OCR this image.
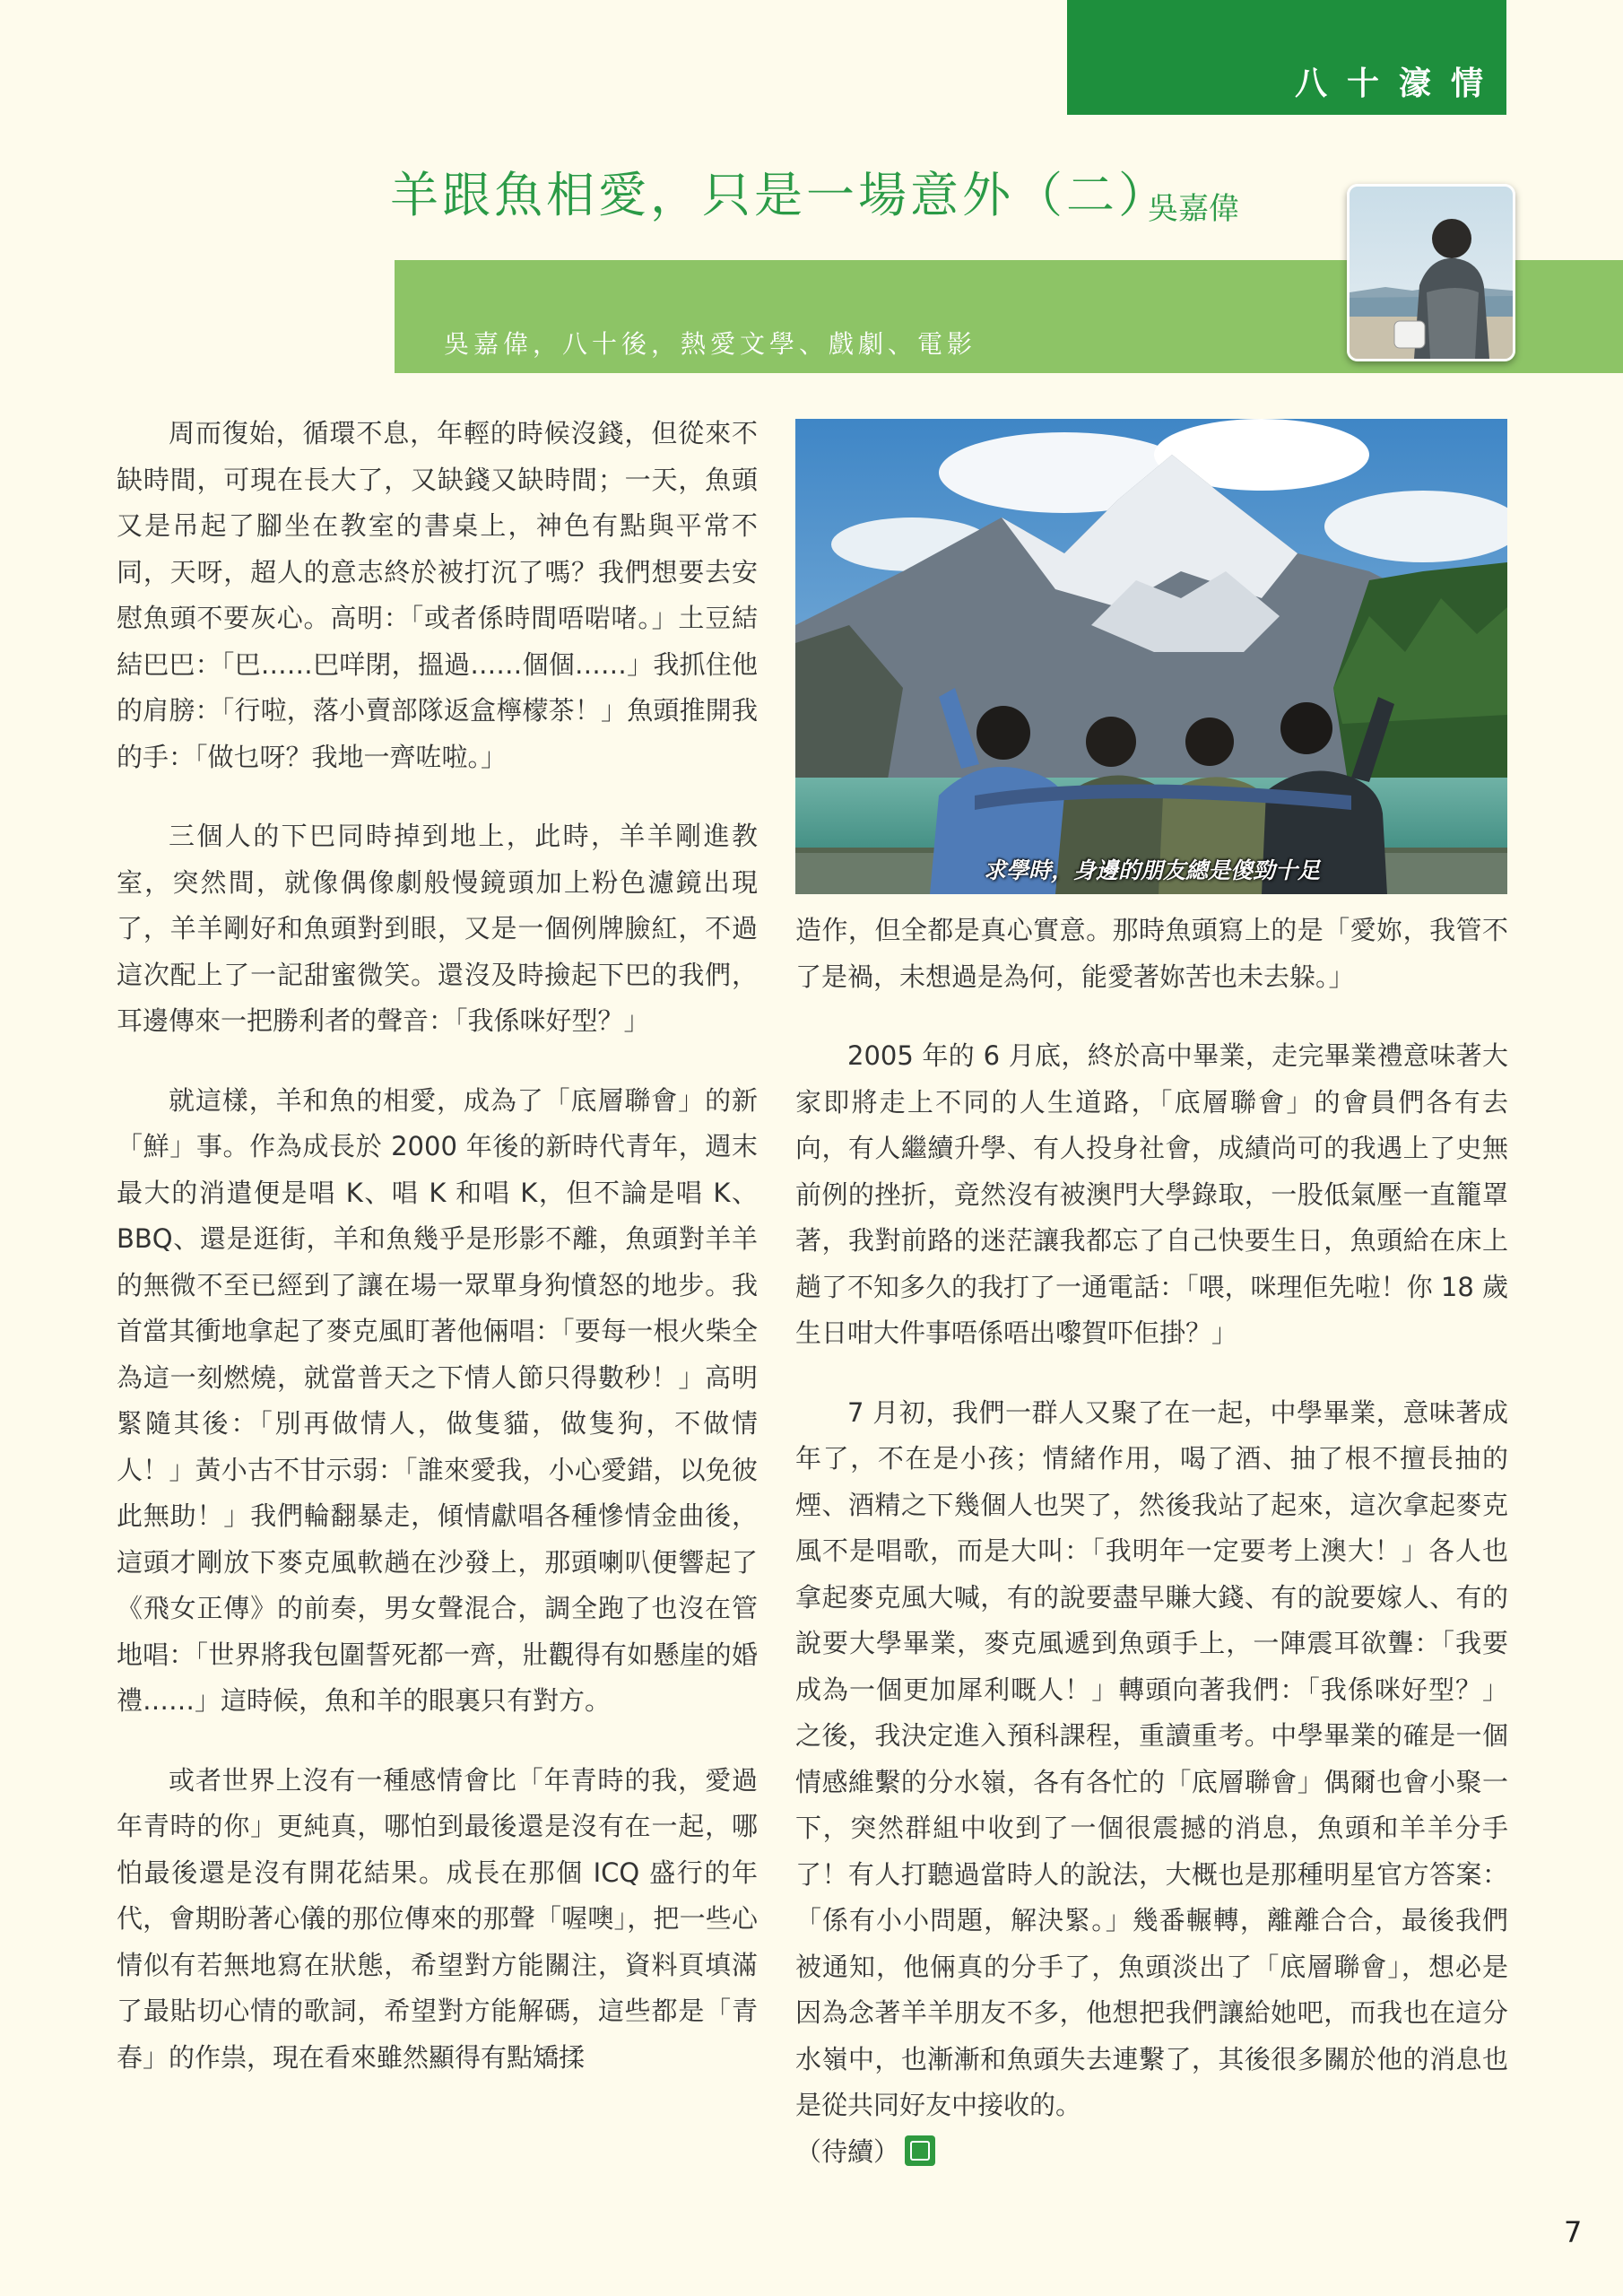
八十濠情
羊跟魚相愛，只是一場意外（二）
吳嘉偉
吳嘉偉，八十後，熱愛文學、戲劇、電影
求學時，身邊的朋友總是傻勁十足

周而復始，循環不息，年輕的時候沒錢，但從來不缺時間，可現在長大了，又缺錢又缺時間；一天，魚頭又是吊起了腳坐在教室的書桌上，神色有點與平常不同，天呀，超人的意志終於被打沉了嗎？我們想要去安慰魚頭不要灰心。高明：「或者係時間唔啱啫。」土豆結結巴巴：「巴……巴咩閉，搵過……個個……」我抓住他的肩膀：「行啦，落小賣部隊返盒檸檬茶！」魚頭推開我的手：「做乜呀？我地一齊咗啦。」

三個人的下巴同時掉到地上，此時，羊羊剛進教室，突然間，就像偶像劇般慢鏡頭加上粉色濾鏡出現了，羊羊剛好和魚頭對到眼，又是一個例牌臉紅，不過這次配上了一記甜蜜微笑。還沒及時撿起下巴的我們，耳邊傳來一把勝利者的聲音：「我係咪好型？」

就這樣，羊和魚的相愛，成為了「底層聯會」的新「鮮」事。作為成長於 2000 年後的新時代青年，週末最大的消遣便是唱 K、唱 K 和唱 K，但不論是唱 K、BBQ、還是逛街，羊和魚幾乎是形影不離，魚頭對羊羊的無微不至已經到了讓在場一眾單身狗憤怒的地步。我首當其衝地拿起了麥克風盯著他倆唱：「要每一根火柴全為這一刻燃燒，就當普天之下情人節只得數秒！」高明緊隨其後：「別再做情人，做隻貓，做隻狗，不做情人！」黃小古不甘示弱：「誰來愛我，小心愛錯，以免彼此無助！」我們輪翻暴走，傾情獻唱各種慘情金曲後，這頭才剛放下麥克風軟趟在沙發上，那頭喇叭便響起了《飛女正傳》的前奏，男女聲混合，調全跑了也沒在管地唱：「世界將我包圍誓死都一齊，壯觀得有如懸崖的婚禮……」這時候，魚和羊的眼裏只有對方。

或者世界上沒有一種感情會比「年青時的我，愛過年青時的你」更純真，哪怕到最後還是沒有在一起，哪怕最後還是沒有開花結果。成長在那個 ICQ 盛行的年代，會期盼著心儀的那位傳來的那聲「喔噢」，把一些心情似有若無地寫在狀態，希望對方能關注，資料頁填滿了最貼切心情的歌詞，希望對方能解碼，這些都是「青春」的作祟，現在看來雖然顯得有點矯揉

造作，但全都是真心實意。那時魚頭寫上的是「愛妳，我管不了是禍，未想過是為何，能愛著妳苦也未去躲。」

2005 年的 6 月底，終於高中畢業，走完畢業禮意味著大家即將走上不同的人生道路，「底層聯會」的會員們各有去向，有人繼續升學、有人投身社會，成績尚可的我遇上了史無前例的挫折，竟然沒有被澳門大學錄取，一股低氣壓一直籠罩著，我對前路的迷茫讓我都忘了自己快要生日，魚頭給在床上趟了不知多久的我打了一通電話：「喂，咪理佢先啦！你 18 歲生日咁大件事唔係唔出嚟賀吓佢掛？」

7 月初，我們一群人又聚了在一起，中學畢業，意味著成年了，不在是小孩；情緒作用，喝了酒、抽了根不擅長抽的煙、酒精之下幾個人也哭了，然後我站了起來，這次拿起麥克風不是唱歌，而是大叫：「我明年一定要考上澳大！」各人也拿起麥克風大喊，有的說要盡早賺大錢、有的說要嫁人、有的說要大學畢業，麥克風遞到魚頭手上，一陣震耳欲聾：「我要成為一個更加犀利嘅人！」轉頭向著我們：「我係咪好型？」之後，我決定進入預科課程，重讀重考。中學畢業的確是一個情感維繫的分水嶺，各有各忙的「底層聯會」偶爾也會小聚一下，突然群組中收到了一個很震撼的消息，魚頭和羊羊分手了！有人打聽過當時人的說法，大概也是那種明星官方答案：「係有小小問題，解決緊。」幾番輾轉，離離合合，最後我們被通知，他倆真的分手了，魚頭淡出了「底層聯會」，想必是因為念著羊羊朋友不多，他想把我們讓給她吧，而我也在這分水嶺中，也漸漸和魚頭失去連繫了，其後很多關於他的消息也是從共同好友中接收的。
（待續）

7
